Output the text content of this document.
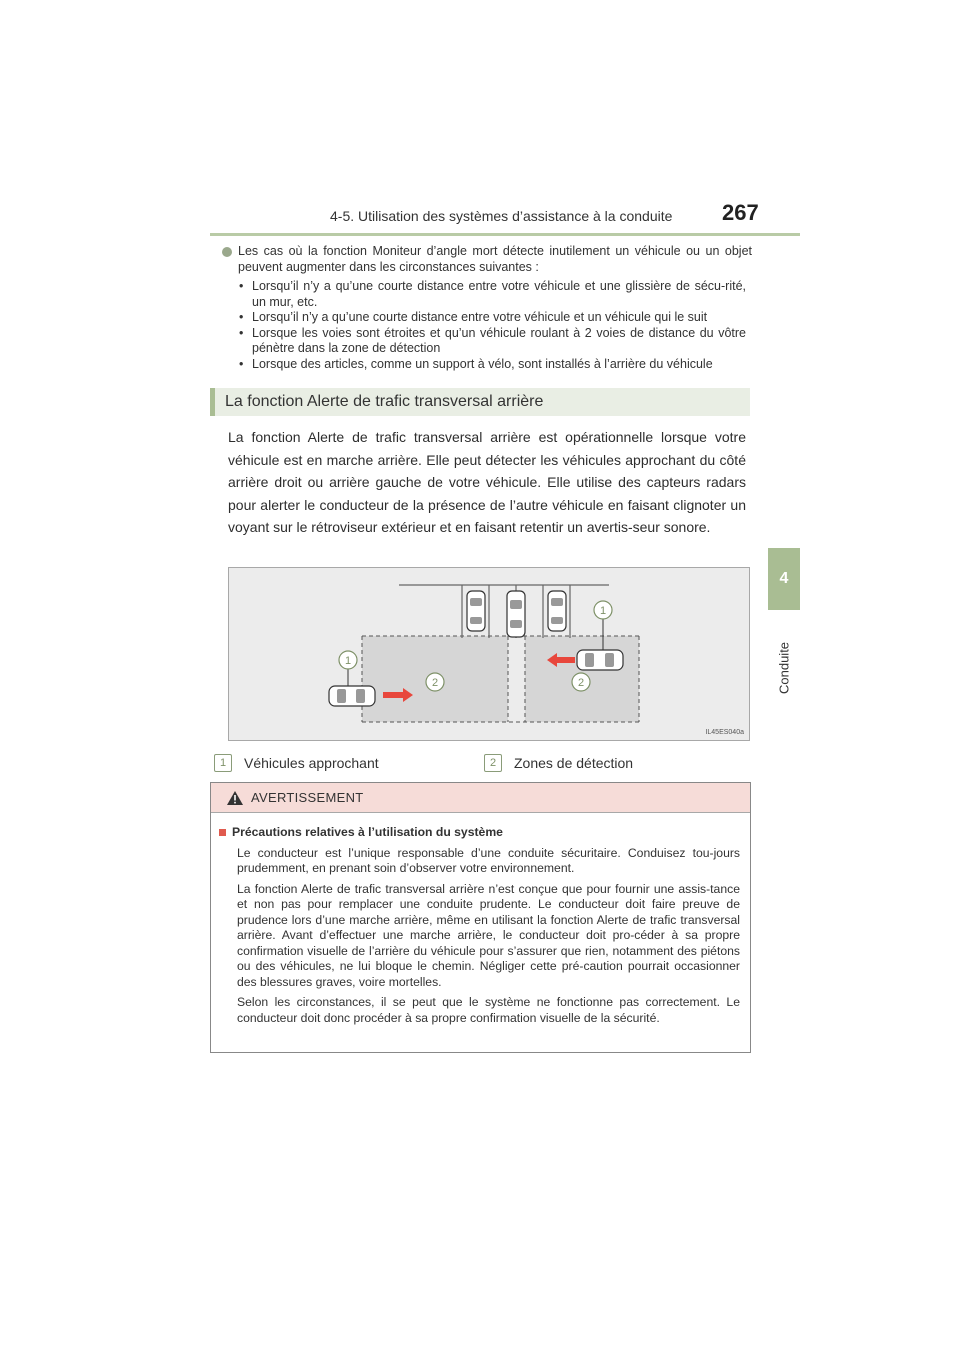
4-5. Utilisation des systèmes d’assistance à la conduite 267
4
Conduite
Les cas où la fonction Moniteur d’angle mort détecte inutilement un véhicule ou un objet peuvent augmenter dans les circonstances suivantes :
• Lorsqu’il n’y a qu’une courte distance entre votre véhicule et une glissière de sécu-rité, un mur, etc.
• Lorsqu’il n’y a qu’une courte distance entre votre véhicule et un véhicule qui le suit
• Lorsque les voies sont étroites et qu’un véhicule roulant à 2 voies de distance du vôtre pénètre dans la zone de détection
• Lorsque des articles, comme un support à vélo, sont installés à l’arrière du véhicule
La fonction Alerte de trafic transversal arrière
La fonction Alerte de trafic transversal arrière est opérationnelle lorsque votre véhicule est en marche arrière. Elle peut détecter les véhicules approchant du côté arrière droit ou arrière gauche de votre véhicule. Elle utilise des capteurs radars pour alerter le conducteur de la présence de l’autre véhicule en faisant clignoter un voyant sur le rétroviseur extérieur et en faisant retentir un avertis-seur sonore.
1
1
2	2
IL45ES040a
1	Véhicules approchant	2	Zones de détection
AVERTISSEMENT
Précautions relatives à l’utilisation du système

Le conducteur est l’unique responsable d’une conduite sécuritaire. Conduisez tou-jours prudemment, en prenant soin d’observer votre environnement.

La fonction Alerte de trafic transversal arrière n’est conçue que pour fournir une assis-tance et non pas pour remplacer une conduite prudente. Le conducteur doit faire preuve de prudence lors d’une marche arrière, même en utilisant la fonction Alerte de trafic transversal arrière. Avant d’effectuer une marche arrière, le conducteur doit pro-céder à sa propre confirmation visuelle de l’arrière du véhicule pour s’assurer que rien, notamment des piétons ou des véhicules, ne lui bloque le chemin. Négliger cette pré-caution pourrait occasionner des blessures graves, voire mortelles.

Selon les circonstances, il se peut que le système ne fonctionne pas correctement. Le conducteur doit donc procéder à sa propre confirmation visuelle de la sécurité.
